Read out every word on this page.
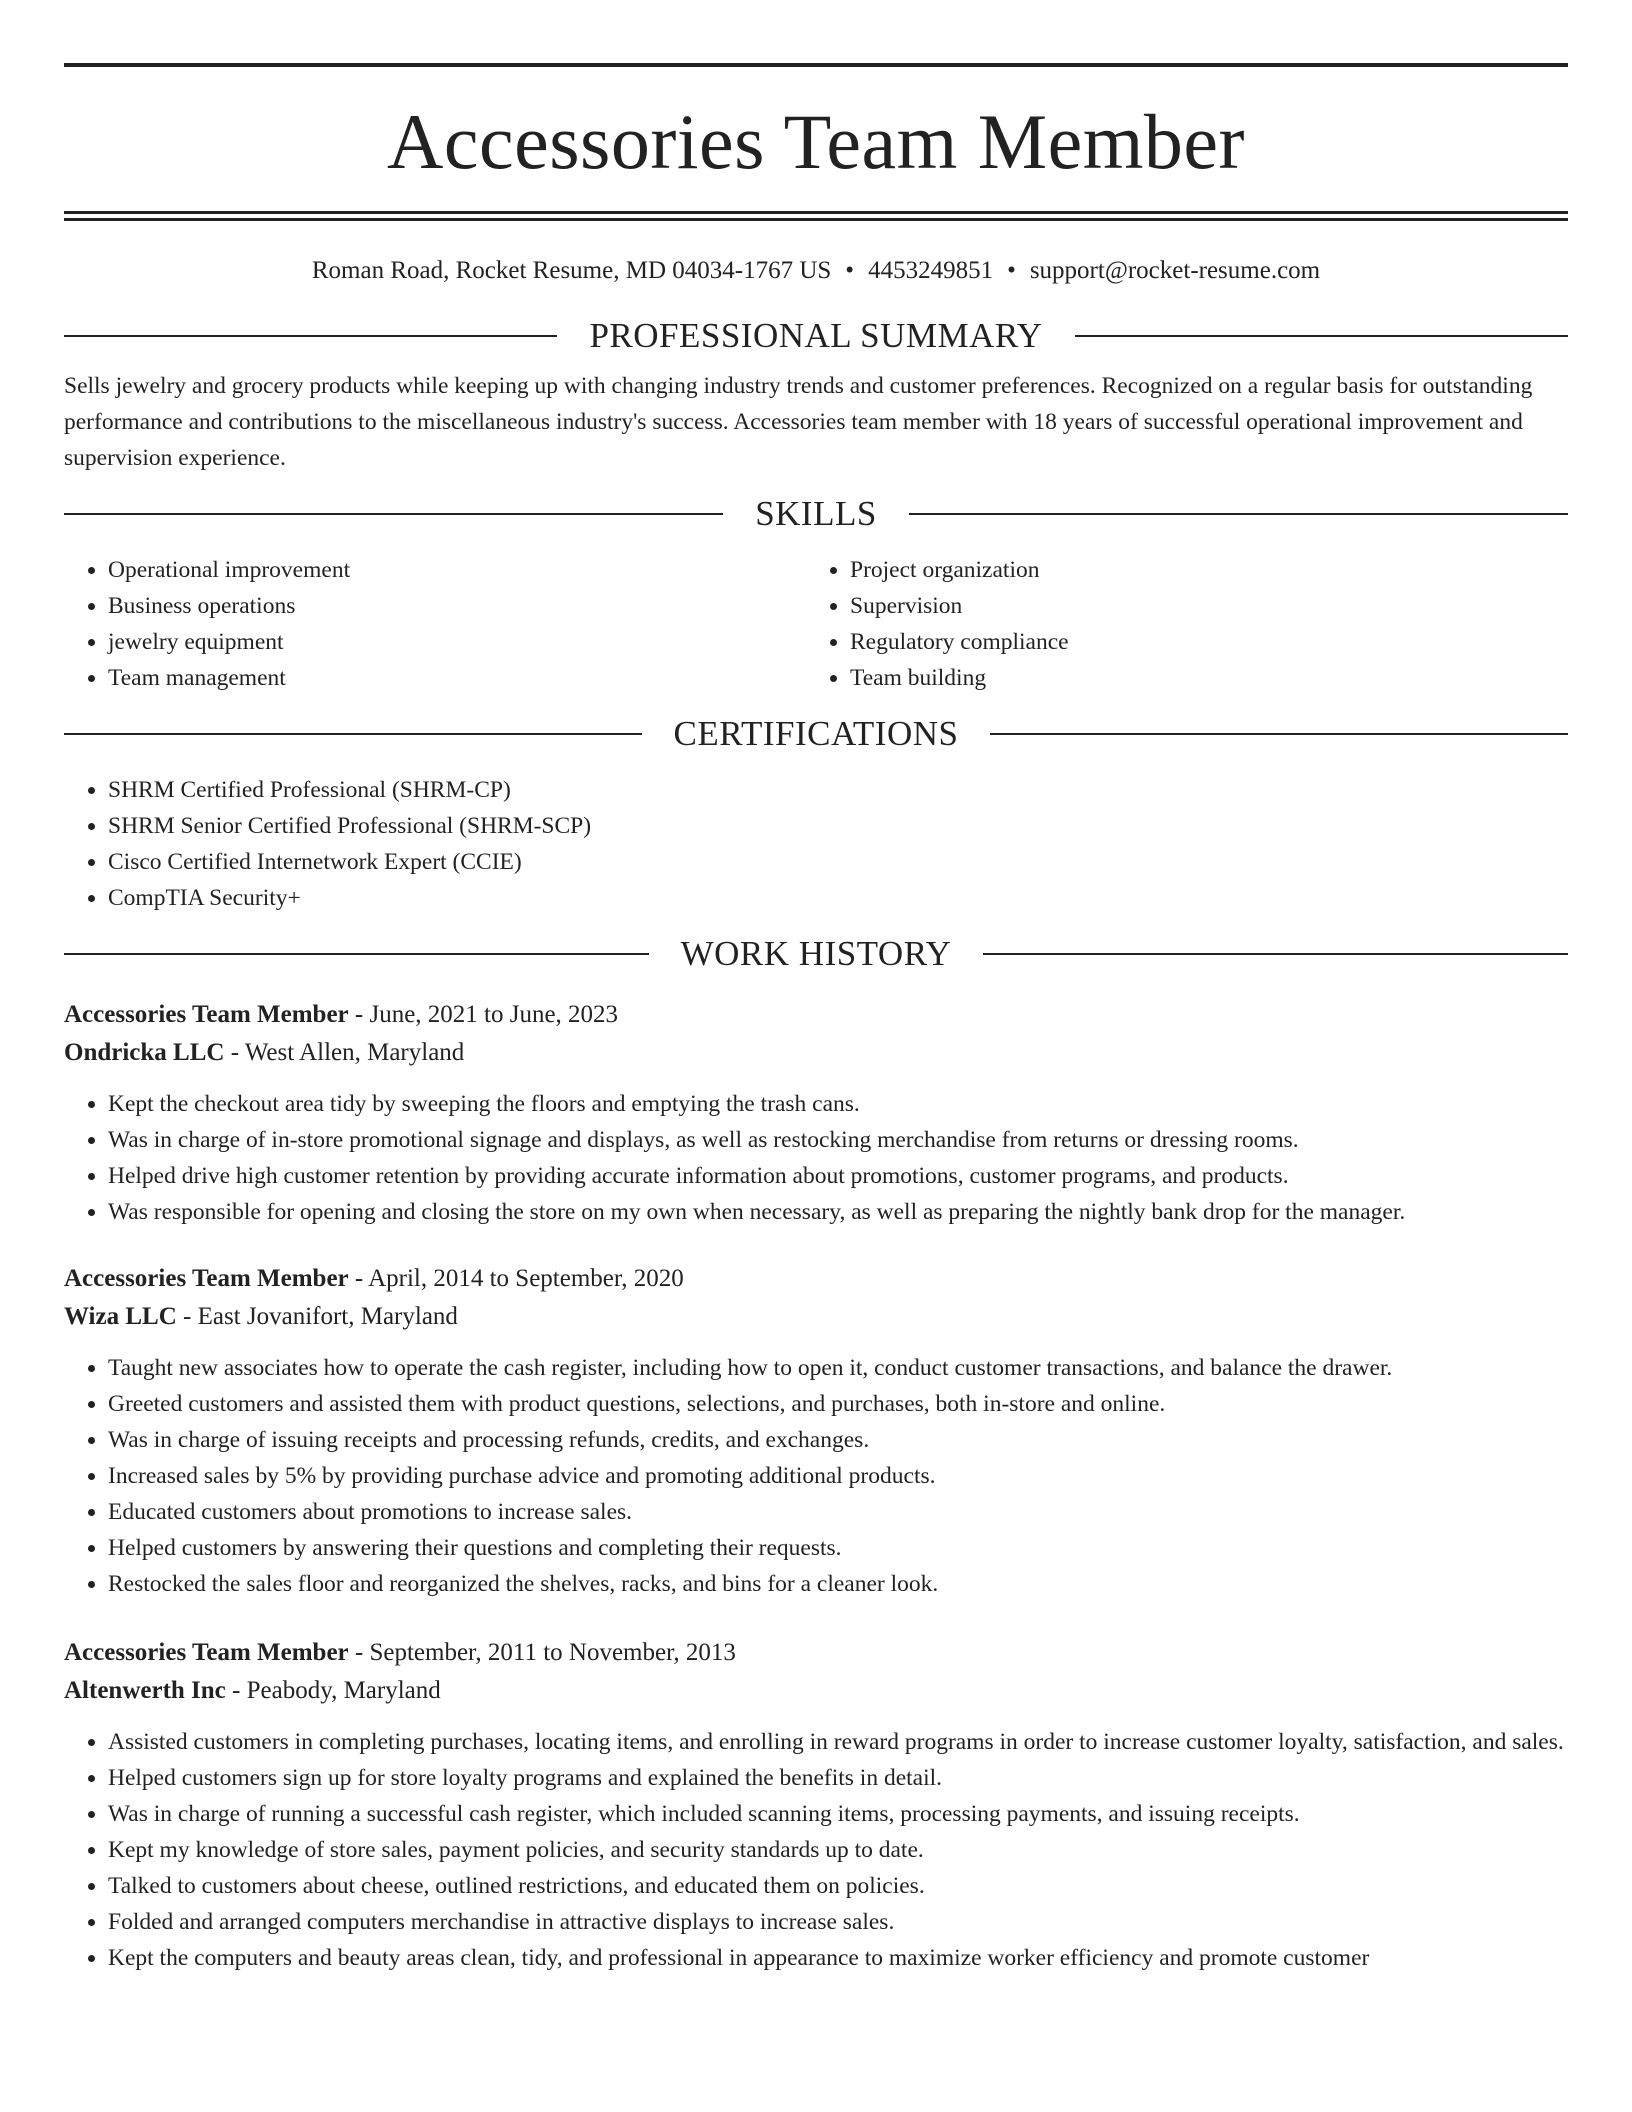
Accessories Team Member
Roman Road, Rocket Resume, MD 04034-1767 US • 4453249851 • support@rocket-resume.com
PROFESSIONAL SUMMARY

Sells jewelry and grocery products while keeping up with changing industry trends and customer preferences. Recognized on a regular basis for outstanding performance and contributions to the miscellaneous industry's success. Accessories team member with 18 years of successful operational improvement and supervision experience.

SKILLS
• Operational improvement
• Business operations
• jewelry equipment
• Team management
• Project organization
• Supervision
• Regulatory compliance
• Team building
CERTIFICATIONS
• SHRM Certified Professional (SHRM-CP)
• SHRM Senior Certified Professional (SHRM-SCP)
• Cisco Certified Internetwork Expert (CCIE)
• CompTIA Security+
WORK HISTORY
Accessories Team Member - June, 2021 to June, 2023
Ondricka LLC - West Allen, Maryland
• Kept the checkout area tidy by sweeping the floors and emptying the trash cans.
• Was in charge of in-store promotional signage and displays, as well as restocking merchandise from returns or dressing rooms.
• Helped drive high customer retention by providing accurate information about promotions, customer programs, and products.
• Was responsible for opening and closing the store on my own when necessary, as well as preparing the nightly bank drop for the manager.
Accessories Team Member - April, 2014 to September, 2020
Wiza LLC - East Jovanifort, Maryland
• Taught new associates how to operate the cash register, including how to open it, conduct customer transactions, and balance the drawer.
• Greeted customers and assisted them with product questions, selections, and purchases, both in-store and online.
• Was in charge of issuing receipts and processing refunds, credits, and exchanges.
• Increased sales by 5% by providing purchase advice and promoting additional products.
• Educated customers about promotions to increase sales.
• Helped customers by answering their questions and completing their requests.
• Restocked the sales floor and reorganized the shelves, racks, and bins for a cleaner look.
Accessories Team Member - September, 2011 to November, 2013
Altenwerth Inc - Peabody, Maryland
• Assisted customers in completing purchases, locating items, and enrolling in reward programs in order to increase customer loyalty, satisfaction, and sales.
• Helped customers sign up for store loyalty programs and explained the benefits in detail.
• Was in charge of running a successful cash register, which included scanning items, processing payments, and issuing receipts.
• Kept my knowledge of store sales, payment policies, and security standards up to date.
• Talked to customers about cheese, outlined restrictions, and educated them on policies.
• Folded and arranged computers merchandise in attractive displays to increase sales.
• Kept the computers and beauty areas clean, tidy, and professional in appearance to maximize worker efficiency and promote customer
